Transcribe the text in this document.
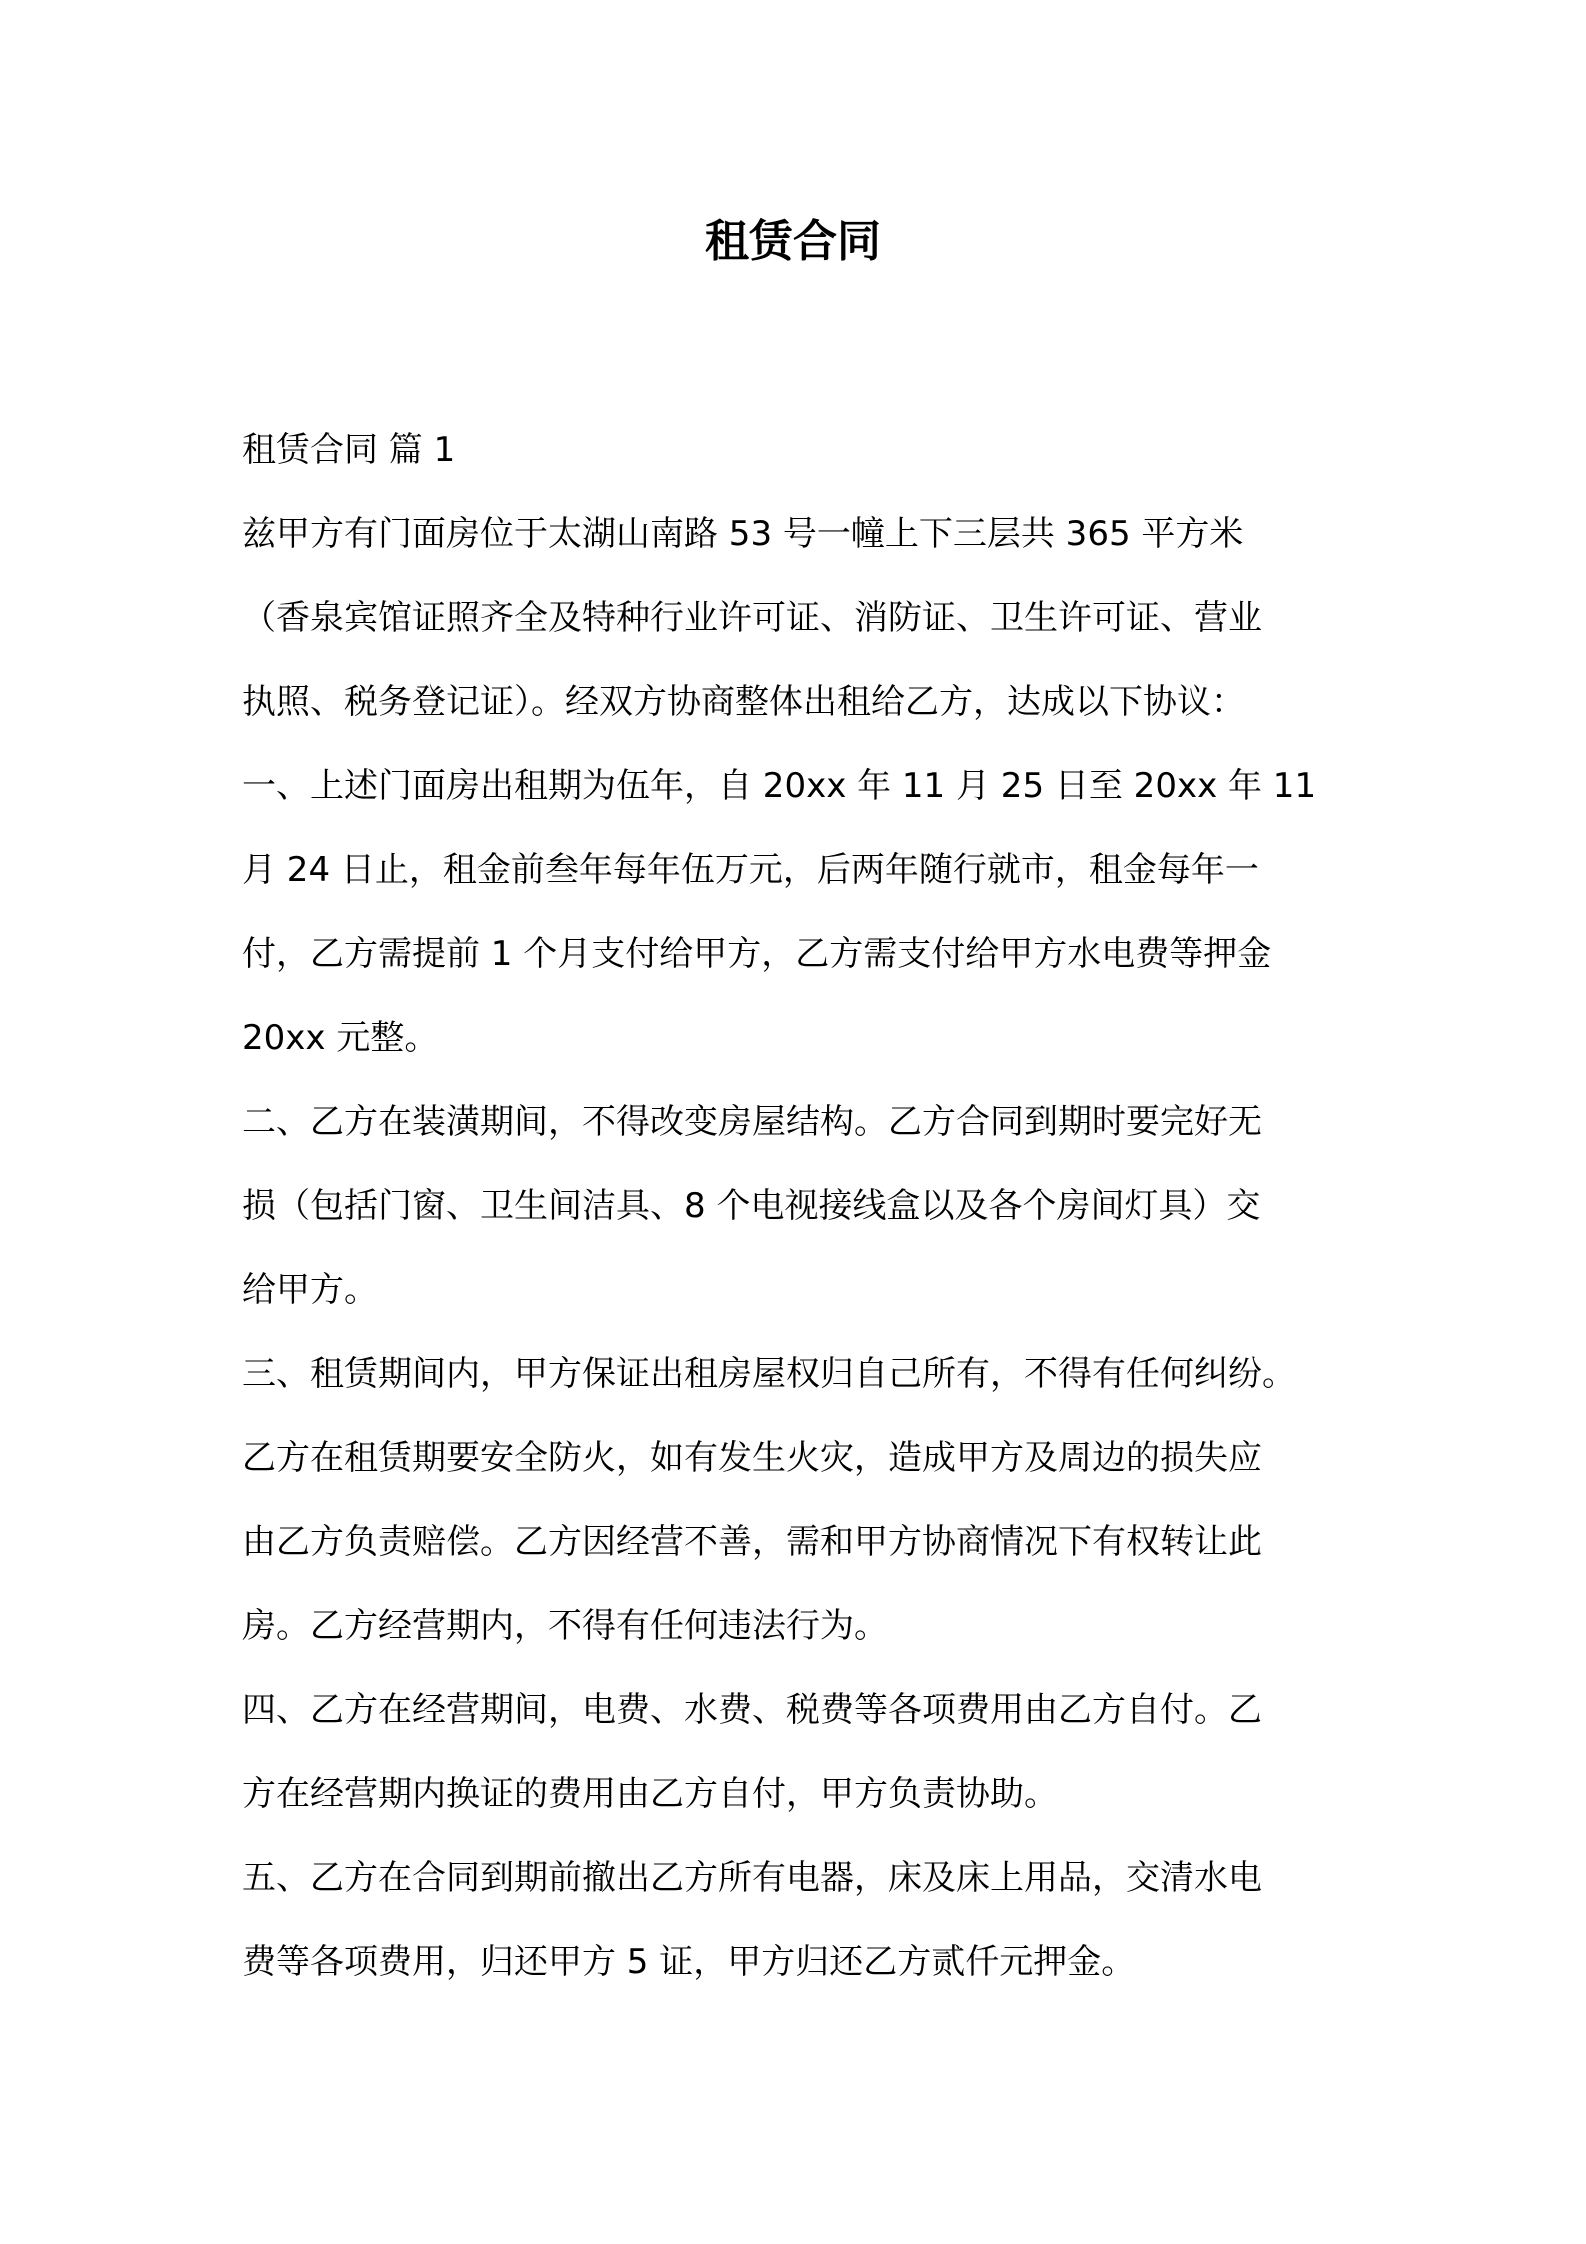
租赁合同
租赁合同 篇 1
兹甲方有门面房位于太湖山南路 53 号一幢上下三层共 365 平方米
（香泉宾馆证照齐全及特种行业许可证、消防证、卫生许可证、营业
执照、税务登记证）。经双方协商整体出租给乙方，达成以下协议：
一、上述门面房出租期为伍年，自 20xx 年 11 月 25 日至 20xx 年 11
月 24 日止，租金前叁年每年伍万元，后两年随行就市，租金每年一
付，乙方需提前 1 个月支付给甲方，乙方需支付给甲方水电费等押金
20xx 元整。
二、乙方在装潢期间，不得改变房屋结构。乙方合同到期时要完好无
损（包括门窗、卫生间洁具、8 个电视接线盒以及各个房间灯具）交
给甲方。
三、租赁期间内，甲方保证出租房屋权归自己所有，不得有任何纠纷。
乙方在租赁期要安全防火，如有发生火灾，造成甲方及周边的损失应
由乙方负责赔偿。乙方因经营不善，需和甲方协商情况下有权转让此
房。乙方经营期内，不得有任何违法行为。
四、乙方在经营期间，电费、水费、税费等各项费用由乙方自付。乙
方在经营期内换证的费用由乙方自付，甲方负责协助。
五、乙方在合同到期前撤出乙方所有电器，床及床上用品，交清水电
费等各项费用，归还甲方 5 证，甲方归还乙方贰仟元押金。
